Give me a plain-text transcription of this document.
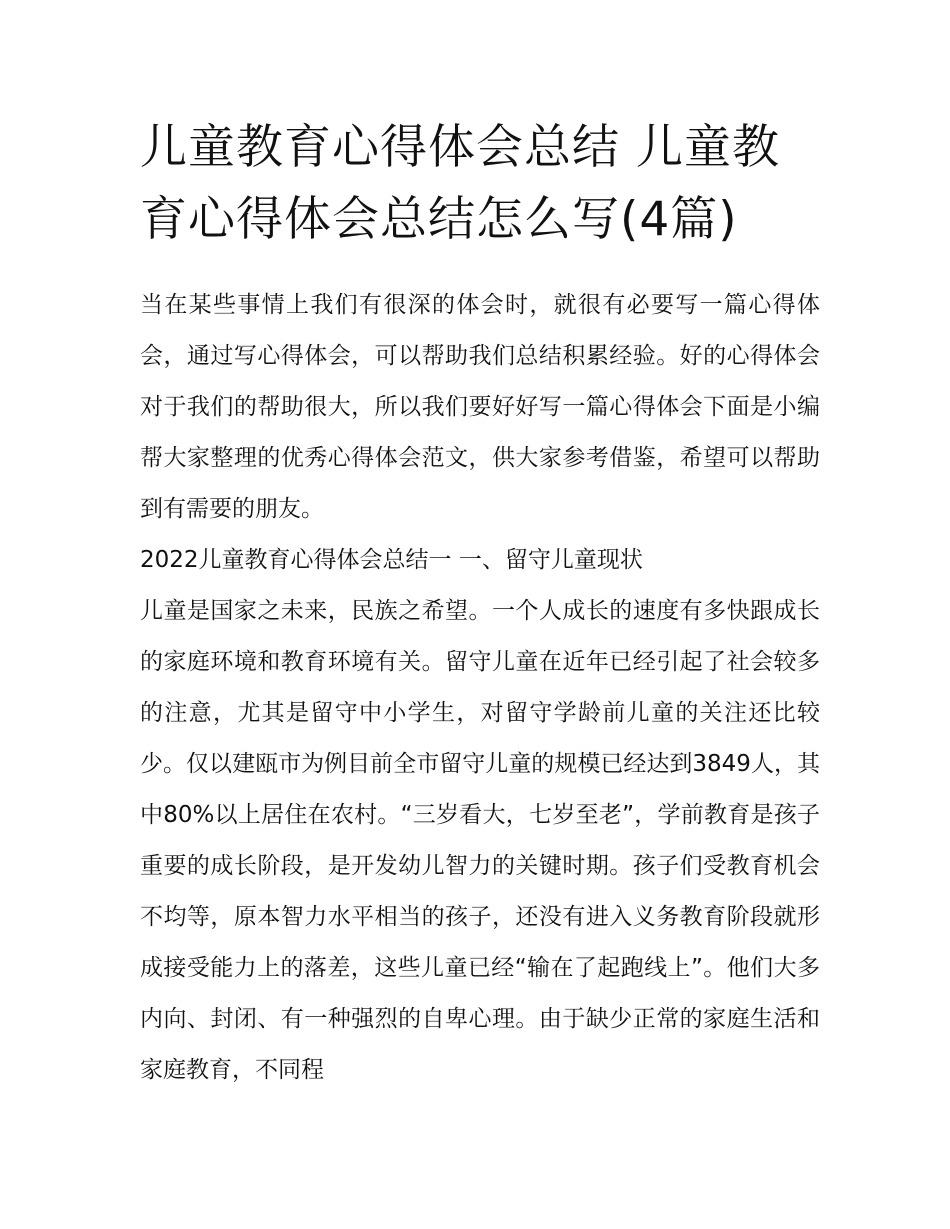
儿童教育心得体会总结 儿童教育心得体会总结怎么写(4篇)

当在某些事情上我们有很深的体会时，就很有必要写一篇心得体会，通过写心得体会，可以帮助我们总结积累经验。好的心得体会对于我们的帮助很大，所以我们要好好写一篇心得体会下面是小编帮大家整理的优秀心得体会范文，供大家参考借鉴，希望可以帮助到有需要的朋友。

2022儿童教育心得体会总结一 一、留守儿童现状

儿童是国家之未来，民族之希望。一个人成长的速度有多快跟成长的家庭环境和教育环境有关。留守儿童在近年已经引起了社会较多的注意，尤其是留守中小学生，对留守学龄前儿童的关注还比较少。仅以建瓯市为例目前全市留守儿童的规模已经达到3849人，其中80%以上居住在农村。“三岁看大，七岁至老”，学前教育是孩子重要的成长阶段，是开发幼儿智力的关键时期。孩子们受教育机会不均等，原本智力水平相当的孩子，还没有进入义务教育阶段就形成接受能力上的落差，这些儿童已经“输在了起跑线上”。他们大多内向、封闭、有一种强烈的自卑心理。由于缺少正常的家庭生活和家庭教育，不同程
